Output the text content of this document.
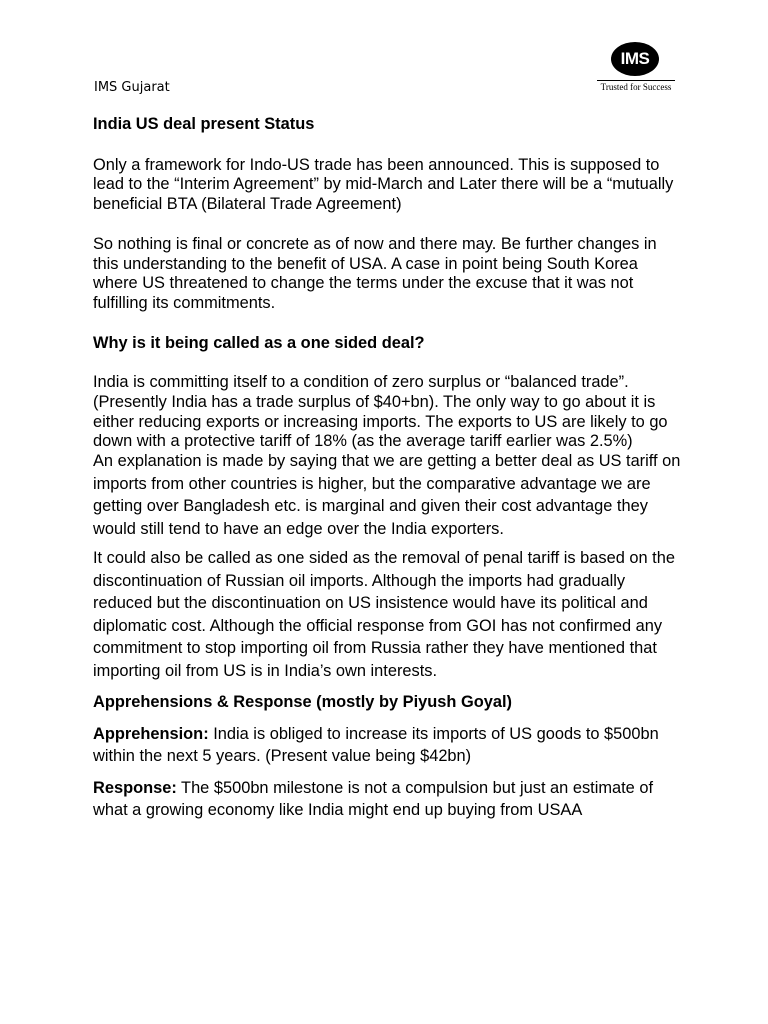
IMS Gujarat
IMS
Trusted for Success

India US deal present Status

Only a framework for Indo-US trade has been announced. This is supposed to lead to the “Interim Agreement” by mid-March and Later there will be a “mutually beneficial BTA (Bilateral Trade Agreement)

So nothing is final or concrete as of now and there may. Be further changes in this understanding to the benefit of USA. A case in point being South Korea where US threatened to change the terms under the excuse that it was not fulfilling its commitments.

Why is it being called as a one sided deal?

India is committing itself to a condition of zero surplus or “balanced trade”. (Presently India has a trade surplus of $40+bn). The only way to go about it is either reducing exports or increasing imports. The exports to US are likely to go down with a protective tariff of 18% (as the average tariff earlier was 2.5%)

An explanation is made by saying that we are getting a better deal as US tariff on imports from other countries is higher, but the comparative advantage we are getting over Bangladesh etc. is marginal and given their cost advantage they would still tend to have an edge over the India exporters.

It could also be called as one sided as the removal of penal tariff is based on the discontinuation of Russian oil imports. Although the imports had gradually reduced but the discontinuation on US insistence would have its political and diplomatic cost. Although the official response from GOI has not confirmed any commitment to stop importing oil from Russia rather they have mentioned that importing oil from US is in India’s own interests.

Apprehensions & Response (mostly by Piyush Goyal)

Apprehension: India is obliged to increase its imports of US goods to $500bn within the next 5 years. (Present value being $42bn)

Response: The $500bn milestone is not a compulsion but just an estimate of what a growing economy like India might end up buying from USAA
